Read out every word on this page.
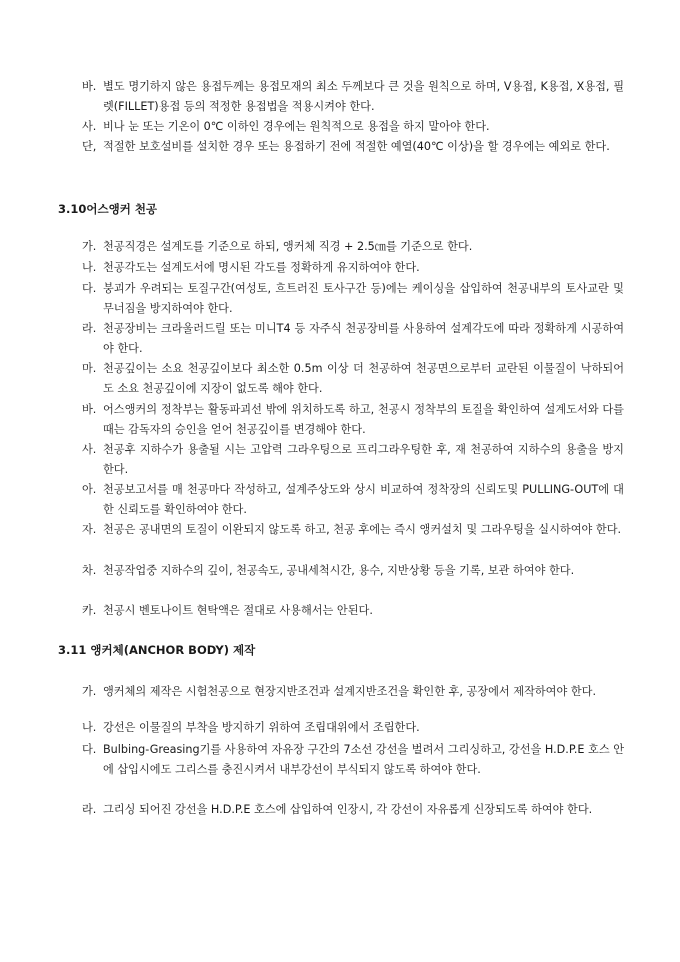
바. 별도 명기하지 않은 용접두께는 용접모재의 최소 두께보다 큰 것을 원칙으로 하며, V용접, K용접, X용접, 필렛(FILLET)용접 등의 적정한 용접법을 적용시켜야 한다.
사. 비나 눈 또는 기온이 0℃ 이하인 경우에는 원칙적으로 용접을 하지 말아야 한다.
단, 적절한 보호설비를 설치한 경우 또는 용접하기 전에 적절한 예열(40℃ 이상)을 할 경우에는 예외로 한다.
3.10어스앵커 천공
가. 천공직경은 설계도를 기준으로 하되, 앵커체 직경 + 2.5㎝를 기준으로 한다.
나. 천공각도는 설계도서에 명시된 각도를 정확하게 유지하여야 한다.
다. 붕괴가 우려되는 토질구간(여성토, 흐트러진 토사구간 등)에는 케이싱을 삽입하여 천공내부의 토사교란 및 무너짐을 방지하여야 한다.
라. 천공장비는 크라울러드릴 또는 미니T4 등 자주식 천공장비를 사용하여 설계각도에 따라 정확하게 시공하여야 한다.
마. 천공깊이는 소요 천공깊이보다 최소한 0.5m 이상 더 천공하여 천공면으로부터 교란된 이물질이 낙하되어도 소요 천공깊이에 지장이 없도록 해야 한다.
바. 어스앵커의 정착부는 활동파괴선 밖에 위치하도록 하고, 천공시 정착부의 토질을 확인하여 설계도서와 다를 때는 감독자의 승인을 얻어 천공깊이를 변경해야 한다.
사. 천공후 지하수가 용출될 시는 고압력 그라우팅으로 프리그라우팅한 후, 재 천공하여 지하수의 용출을 방지한다.
아. 천공보고서를 매 천공마다 작성하고, 설계주상도와 상시 비교하여 정착장의 신뢰도및 PULLING-OUT에 대한 신뢰도를 확인하여야 한다.
자. 천공은 공내면의 토질이 이완되지 않도록 하고, 천공 후에는 즉시 앵커설치 및 그라우팅을 실시하여야 한다.
차. 천공작업중 지하수의 깊이, 천공속도, 공내세척시간, 용수, 지반상황 등을 기록, 보관 하여야 한다.
카. 천공시 벤토나이트 현탁액은 절대로 사용해서는 안된다.
3.11 앵커체(ANCHOR BODY) 제작
가. 앵커체의 제작은 시험천공으로 현장지반조건과 설계지반조건을 확인한 후, 공장에서 제작하여야 한다.
나. 강선은 이물질의 부착을 방지하기 위하여 조립대위에서 조립한다.
다. Bulbing-Greasing기를 사용하여 자유장 구간의 7소선 강선을 벌려서 그리싱하고, 강선을 H.D.P.E 호스 안에 삽입시에도 그리스를 충진시켜서 내부강선이 부식되지 않도록 하여야 한다.
라. 그리싱 되어진 강선을 H.D.P.E 호스에 삽입하여 인장시, 각 강선이 자유롭게 신장되도록 하여야 한다.
